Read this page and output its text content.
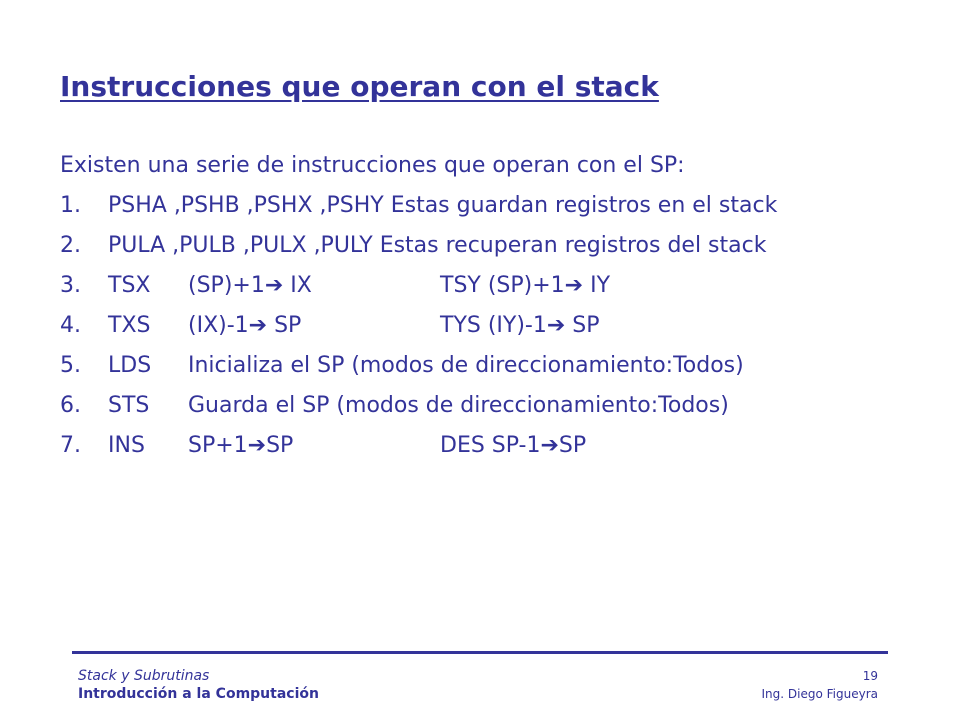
Instrucciones que operan con el stack

Existen una serie de instrucciones que operan con el SP:

1. PSHA ,PSHB ,PSHX ,PSHY Estas guardan registros en el stack
2. PULA ,PULB ,PULX ,PULY Estas recuperan registros del stack
3. TSX	(SP)+1➔ IX	TSY (SP)+1➔ IY
4. TXS	(IX)-1➔ SP	TYS (IY)-1➔ SP
5. LDS	Inicializa el SP (modos de direccionamiento:Todos)
6. STS	Guarda el SP (modos de direccionamiento:Todos)
7. INS	SP+1➔SP	DES SP-1➔SP
Stack y Subrutinas
Introducción a la Computación
19
Ing. Diego Figueyra
